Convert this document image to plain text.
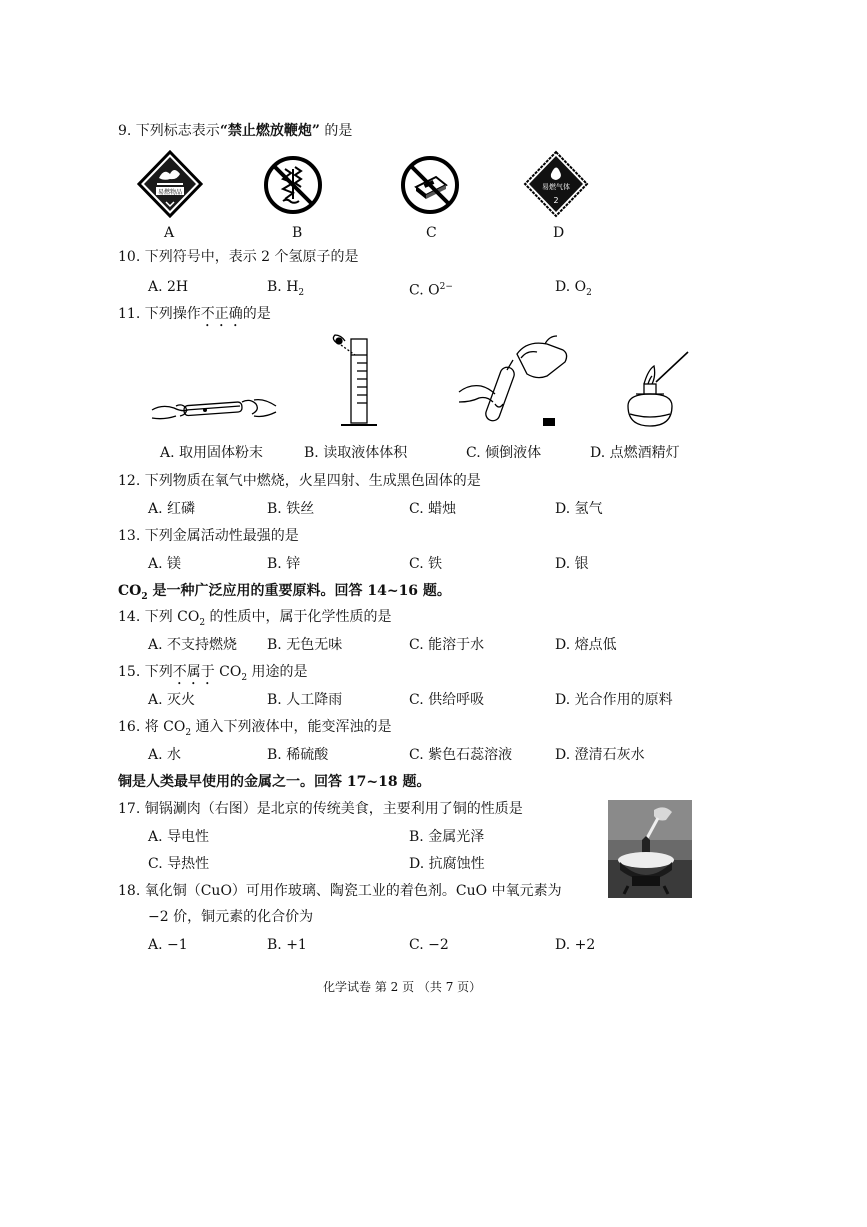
9. 下列标志表示“禁止燃放鞭炮” 的是
易燃物品
易燃气体
2
A	B	C	D
10. 下列符号中，表示 2 个氢原子的是
A. 2H	B. $H_2$	C. $O^{2-}$	D. $O_2$
11. 下列操作不正确的是
A. 取用固体粉末	B. 读取液体体积	C. 倾倒液体	D. 点燃酒精灯
12. 下列物质在氧气中燃烧，火星四射、生成黑色固体的是
A. 红磷	B. 铁丝	C. 蜡烛	D. 氢气
13. 下列金属活动性最强的是
A. 镁	B. 锌	C. 铁	D. 银
$CO_2$ 是一种广泛应用的重要原料。回答 14~16 题。
14. 下列 $CO_2$ 的性质中，属于化学性质的是
A. 不支持燃烧 B. 无色无味	C. 能溶于水	D. 熔点低
15. 下列不属于 $CO_2$ 用途的是
A. 灭火	B. 人工降雨	C. 供给呼吸	D. 光合作用的原料
16. 将 $CO_2$ 通入下列液体中，能变浑浊的是
A. 水	B. 稀硫酸	C. 紫色石蕊溶液	D. 澄清石灰水
铜是人类最早使用的金属之一。回答 17~18 题。
17. 铜锅涮肉（右图）是北京的传统美食，主要利用了铜的性质是
A. 导电性	B. 金属光泽
C. 导热性	D. 抗腐蚀性
18. 氧化铜（CuO）可用作玻璃、陶瓷工业的着色剂。CuO 中氧元素为
−2 价，铜元素的化合价为
A. −1	B. +1	C. −2	D. +2
化学试卷 第 2 页 （共 7 页）
